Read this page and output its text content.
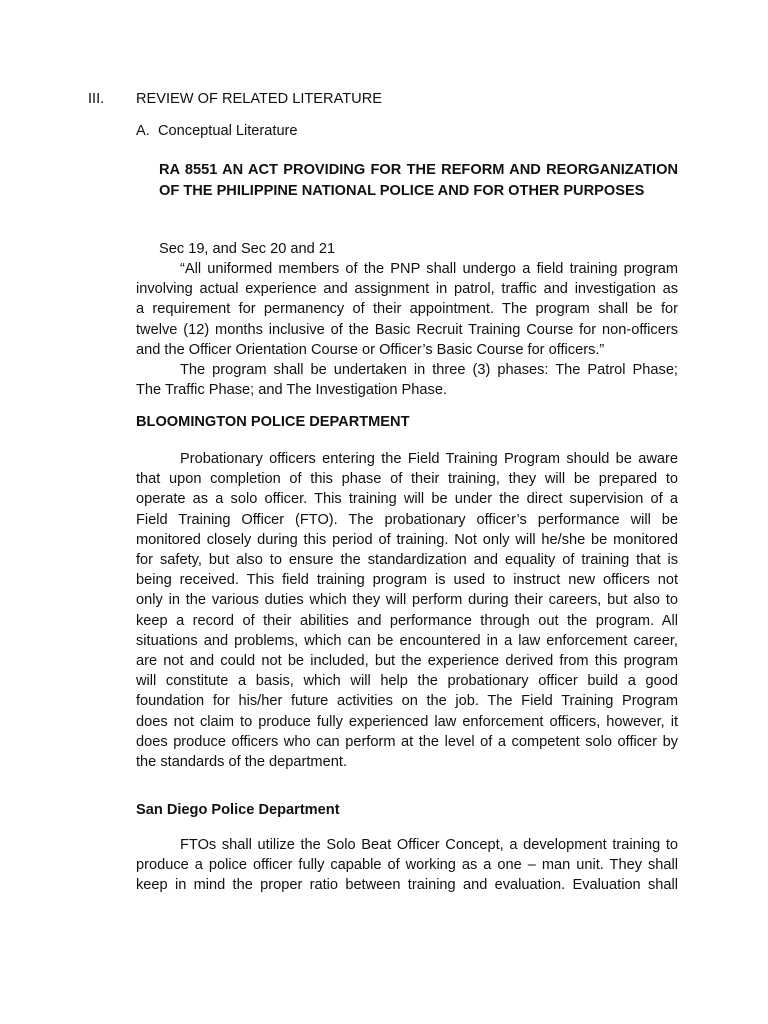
III. REVIEW OF RELATED LITERATURE

A. Conceptual Literature

RA 8551 AN ACT PROVIDING FOR THE REFORM AND REORGANIZATION OF THE PHILIPPINE NATIONAL POLICE AND FOR OTHER PURPOSES

Sec 19, and Sec 20 and 21

“All uniformed members of the PNP shall undergo a field training program
involving actual experience and assignment in patrol, traffic and investigation as
a requirement for permanency of their appointment. The program shall be for
twelve (12) months inclusive of the Basic Recruit Training Course for non-officers
and the Officer Orientation Course or Officer’s Basic Course for officers.”
The program shall be undertaken in three (3) phases: The Patrol Phase;
The Traffic Phase; and The Investigation Phase.

BLOOMINGTON POLICE DEPARTMENT

Probationary officers entering the Field Training Program should be aware
that upon completion of this phase of their training, they will be prepared to
operate as a solo officer. This training will be under the direct supervision of a
Field Training Officer (FTO). The probationary officer’s performance will be
monitored closely during this period of training. Not only will he/she be monitored
for safety, but also to ensure the standardization and equality of training that is
being received. This field training program is used to instruct new officers not
only in the various duties which they will perform during their careers, but also to
keep a record of their abilities and performance through out the program. All
situations and problems, which can be encountered in a law enforcement career,
are not and could not be included, but the experience derived from this program
will constitute a basis, which will help the probationary officer build a good
foundation for his/her future activities on the job. The Field Training Program
does not claim to produce fully experienced law enforcement officers, however, it
does produce officers who can perform at the level of a competent solo officer by
the standards of the department.

San Diego Police Department

FTOs shall utilize the Solo Beat Officer Concept, a development training to
produce a police officer fully capable of working as a one – man unit. They shall
keep in mind the proper ratio between training and evaluation. Evaluation shall
